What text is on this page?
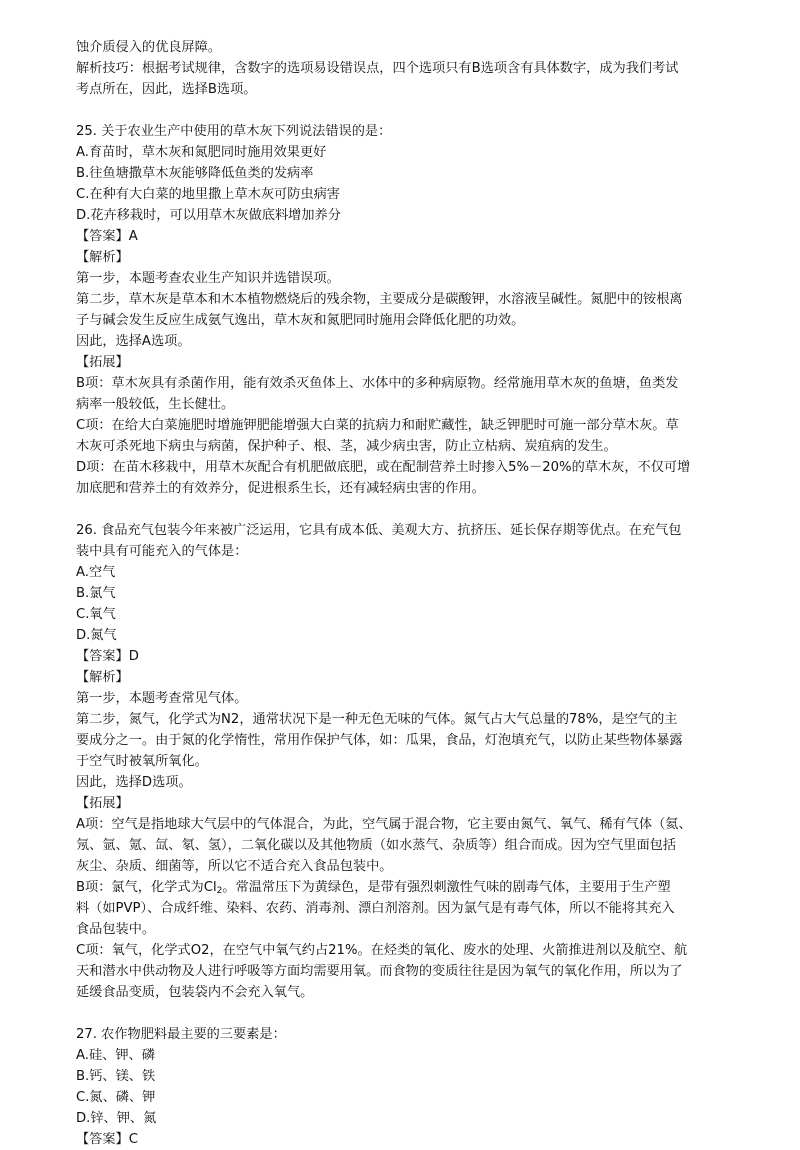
蚀介质侵入的优良屏障。
解析技巧：根据考试规律，含数字的选项易设错误点，四个选项只有B选项含有具体数字，成为我们考试
考点所在，因此，选择B选项。
25. 关于农业生产中使用的草木灰下列说法错误的是：
A.育苗时，草木灰和氮肥同时施用效果更好
B.往鱼塘撒草木灰能够降低鱼类的发病率
C.在种有大白菜的地里撒上草木灰可防虫病害
D.花卉移栽时，可以用草木灰做底料增加养分
【答案】A
【解析】
第一步，本题考查农业生产知识并选错误项。
第二步，草木灰是草本和木本植物燃烧后的残余物，主要成分是碳酸钾，水溶液呈碱性。氮肥中的铵根离
子与碱会发生反应生成氨气逸出，草木灰和氮肥同时施用会降低化肥的功效。
因此，选择A选项。
【拓展】
B项：草木灰具有杀菌作用，能有效杀灭鱼体上、水体中的多种病原物。经常施用草木灰的鱼塘，鱼类发
病率一般较低，生长健壮。
C项：在给大白菜施肥时增施钾肥能增强大白菜的抗病力和耐贮藏性，缺乏钾肥时可施一部分草木灰。草
木灰可杀死地下病虫与病菌，保护种子、根、茎，减少病虫害，防止立枯病、炭疽病的发生。
D项：在苗木移栽中，用草木灰配合有机肥做底肥，或在配制营养土时掺入5%－20%的草木灰，不仅可增
加底肥和营养土的有效养分，促进根系生长，还有减轻病虫害的作用。
26. 食品充气包装今年来被广泛运用，它具有成本低、美观大方、抗挤压、延长保存期等优点。在充气包
装中具有可能充入的气体是：
A.空气
B.氯气
C.氧气
D.氮气
【答案】D
【解析】
第一步，本题考查常见气体。
第二步，氮气，化学式为N2，通常状况下是一种无色无味的气体。氮气占大气总量的78%，是空气的主
要成分之一。由于氮的化学惰性，常用作保护气体，如：瓜果，食品，灯泡填充气，以防止某些物体暴露
于空气时被氧所氧化。
因此，选择D选项。
【拓展】
A项：空气是指地球大气层中的气体混合，为此，空气属于混合物，它主要由氮气、氧气、稀有气体（氦、
氖、氩、氪、氙、氡、氢），二氧化碳以及其他物质（如水蒸气、杂质等）组合而成。因为空气里面包括
灰尘、杂质、细菌等，所以它不适合充入食品包装中。
B项：氯气，化学式为$Cl_2$。常温常压下为黄绿色，是带有强烈刺激性气味的剧毒气体，主要用于生产塑
料（如PVP）、合成纤维、染料、农药、消毒剂、漂白剂溶剂。因为氯气是有毒气体，所以不能将其充入
食品包装中。
C项：氧气，化学式O2，在空气中氧气约占21%。在烃类的氧化、废水的处理、火箭推进剂以及航空、航
天和潜水中供动物及人进行呼吸等方面均需要用氧。而食物的变质往往是因为氧气的氧化作用，所以为了
延缓食品变质，包装袋内不会充入氧气。
27. 农作物肥料最主要的三要素是：
A.硅、钾、磷
B.钙、镁、铁
C.氮、磷、钾
D.锌、钾、氮
【答案】C
